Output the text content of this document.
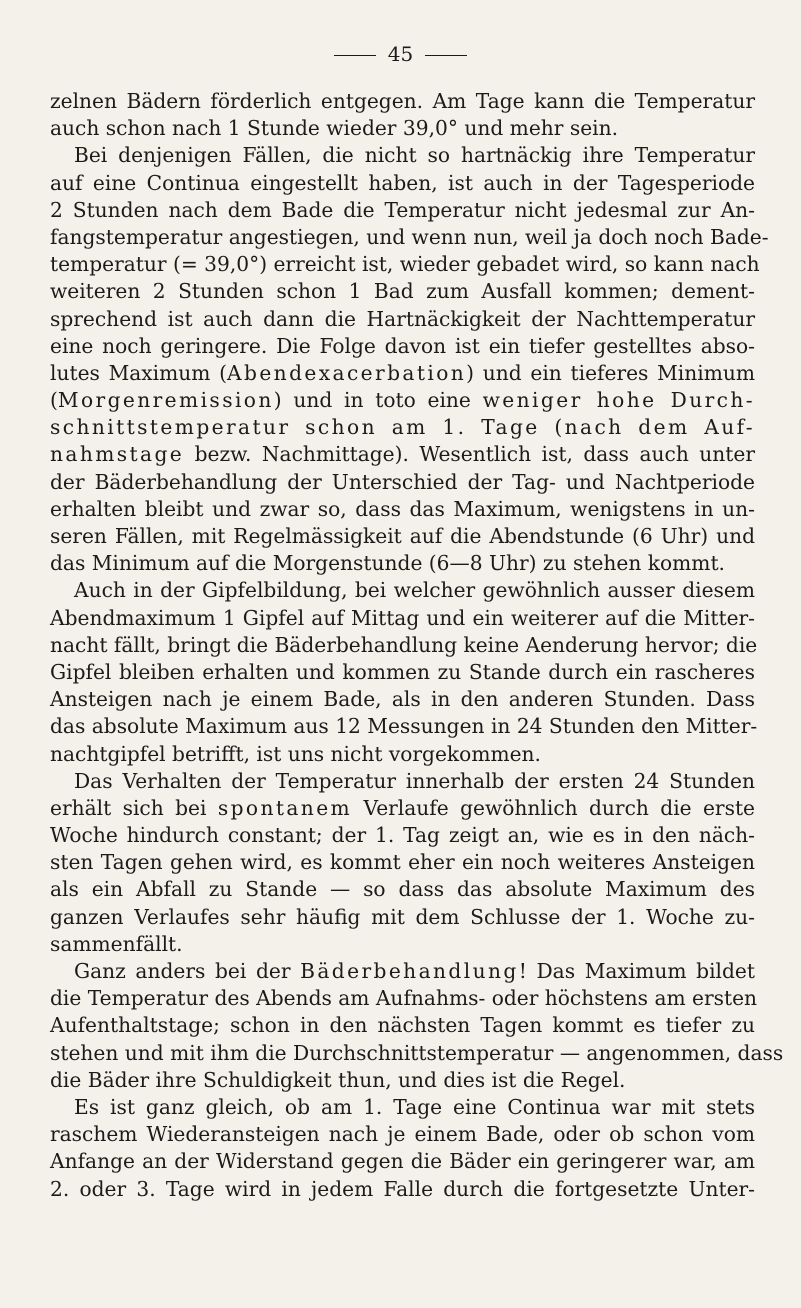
45
zelnen Bädern förderlich entgegen. Am Tage kann die Temperatur
auch schon nach 1 Stunde wieder 39,0° und mehr sein.
Bei denjenigen Fällen, die nicht so hartnäckig ihre Temperatur
auf eine Continua eingestellt haben, ist auch in der Tagesperiode
2 Stunden nach dem Bade die Temperatur nicht jedesmal zur An-
fangstemperatur angestiegen, und wenn nun, weil ja doch noch Bade-
temperatur (= 39,0°) erreicht ist, wieder gebadet wird, so kann nach
weiteren 2 Stunden schon 1 Bad zum Ausfall kommen; dement-
sprechend ist auch dann die Hartnäckigkeit der Nachttemperatur
eine noch geringere. Die Folge davon ist ein tiefer gestelltes abso-
lutes Maximum (Abendexacerbation) und ein tieferes Minimum
(Morgenremission) und in toto eine weniger hohe Durch-
schnittstemperatur schon am 1. Tage (nach dem Auf-
nahmstage bezw. Nachmittage). Wesentlich ist, dass auch unter
der Bäderbehandlung der Unterschied der Tag- und Nachtperiode
erhalten bleibt und zwar so, dass das Maximum, wenigstens in un-
seren Fällen, mit Regelmässigkeit auf die Abendstunde (6 Uhr) und
das Minimum auf die Morgenstunde (6—8 Uhr) zu stehen kommt.
Auch in der Gipfelbildung, bei welcher gewöhnlich ausser diesem
Abendmaximum 1 Gipfel auf Mittag und ein weiterer auf die Mitter-
nacht fällt, bringt die Bäderbehandlung keine Aenderung hervor; die
Gipfel bleiben erhalten und kommen zu Stande durch ein rascheres
Ansteigen nach je einem Bade, als in den anderen Stunden. Dass
das absolute Maximum aus 12 Messungen in 24 Stunden den Mitter-
nachtgipfel betrifft, ist uns nicht vorgekommen.
Das Verhalten der Temperatur innerhalb der ersten 24 Stunden
erhält sich bei spontanem Verlaufe gewöhnlich durch die erste
Woche hindurch constant; der 1. Tag zeigt an, wie es in den näch-
sten Tagen gehen wird, es kommt eher ein noch weiteres Ansteigen
als ein Abfall zu Stande — so dass das absolute Maximum des
ganzen Verlaufes sehr häufig mit dem Schlusse der 1. Woche zu-
sammenfällt.
Ganz anders bei der Bäderbehandlung! Das Maximum bildet
die Temperatur des Abends am Aufnahms- oder höchstens am ersten
Aufenthaltstage; schon in den nächsten Tagen kommt es tiefer zu
stehen und mit ihm die Durchschnittstemperatur — angenommen, dass
die Bäder ihre Schuldigkeit thun, und dies ist die Regel.
Es ist ganz gleich, ob am 1. Tage eine Continua war mit stets
raschem Wiederansteigen nach je einem Bade, oder ob schon vom
Anfange an der Widerstand gegen die Bäder ein geringerer war, am
2. oder 3. Tage wird in jedem Falle durch die fortgesetzte Unter-
